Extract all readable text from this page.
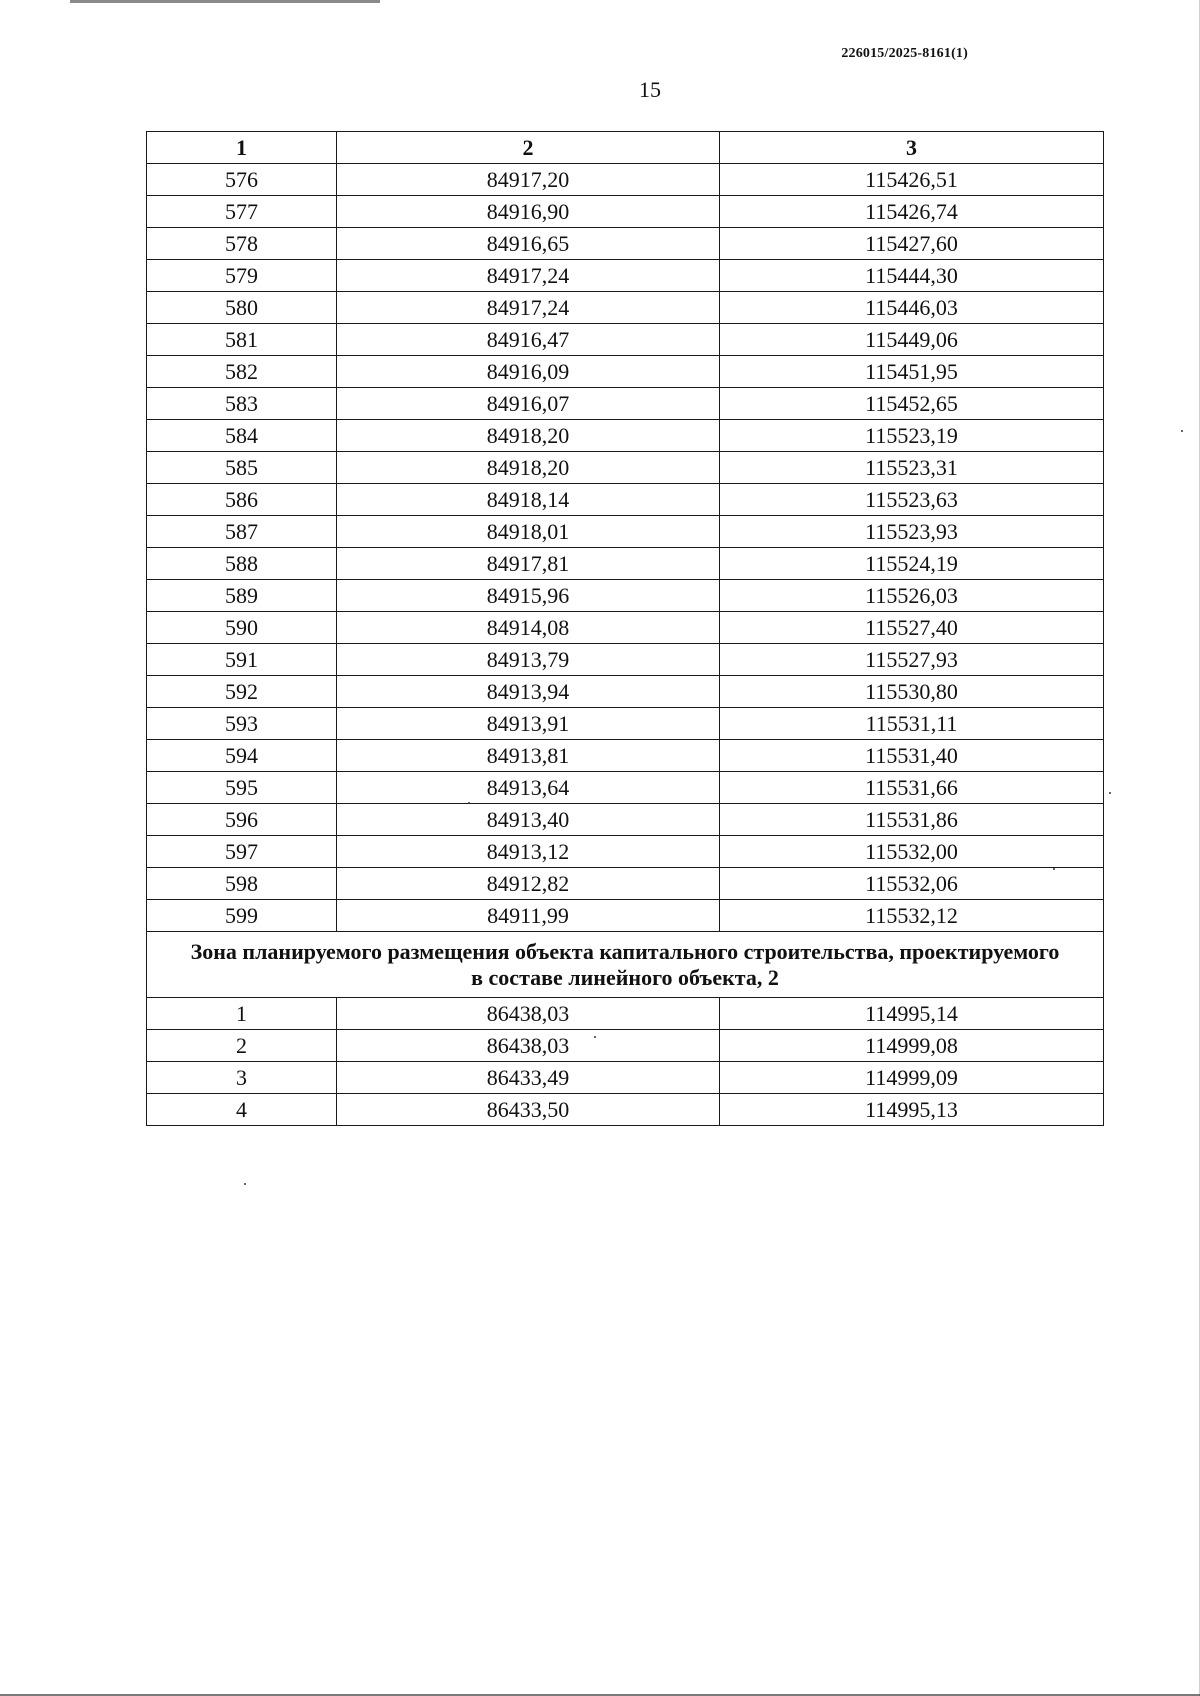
226015/2025-8161(1)
15
1	2	3
576	84917,20	115426,51
577	84916,90	115426,74
578	84916,65	115427,60
579	84917,24	115444,30
580	84917,24	115446,03
581	84916,47	115449,06
582	84916,09	115451,95
583	84916,07	115452,65
584	84918,20	115523,19
585	84918,20	115523,31
586	84918,14	115523,63
587	84918,01	115523,93
588	84917,81	115524,19
589	84915,96	115526,03
590	84914,08	115527,40
591	84913,79	115527,93
592	84913,94	115530,80
593	84913,91	115531,11
594	84913,81	115531,40
595	84913,64	115531,66
596	84913,40	115531,86
597	84913,12	115532,00
598	84912,82	115532,06
599	84911,99	115532,12
Зона планируемого размещения объекта капитального строительства, проектируемого в составе линейного объекта, 2		
1	86438,03	114995,14
2	86438,03	114999,08
3	86433,49	114999,09
4	86433,50	114995,13
